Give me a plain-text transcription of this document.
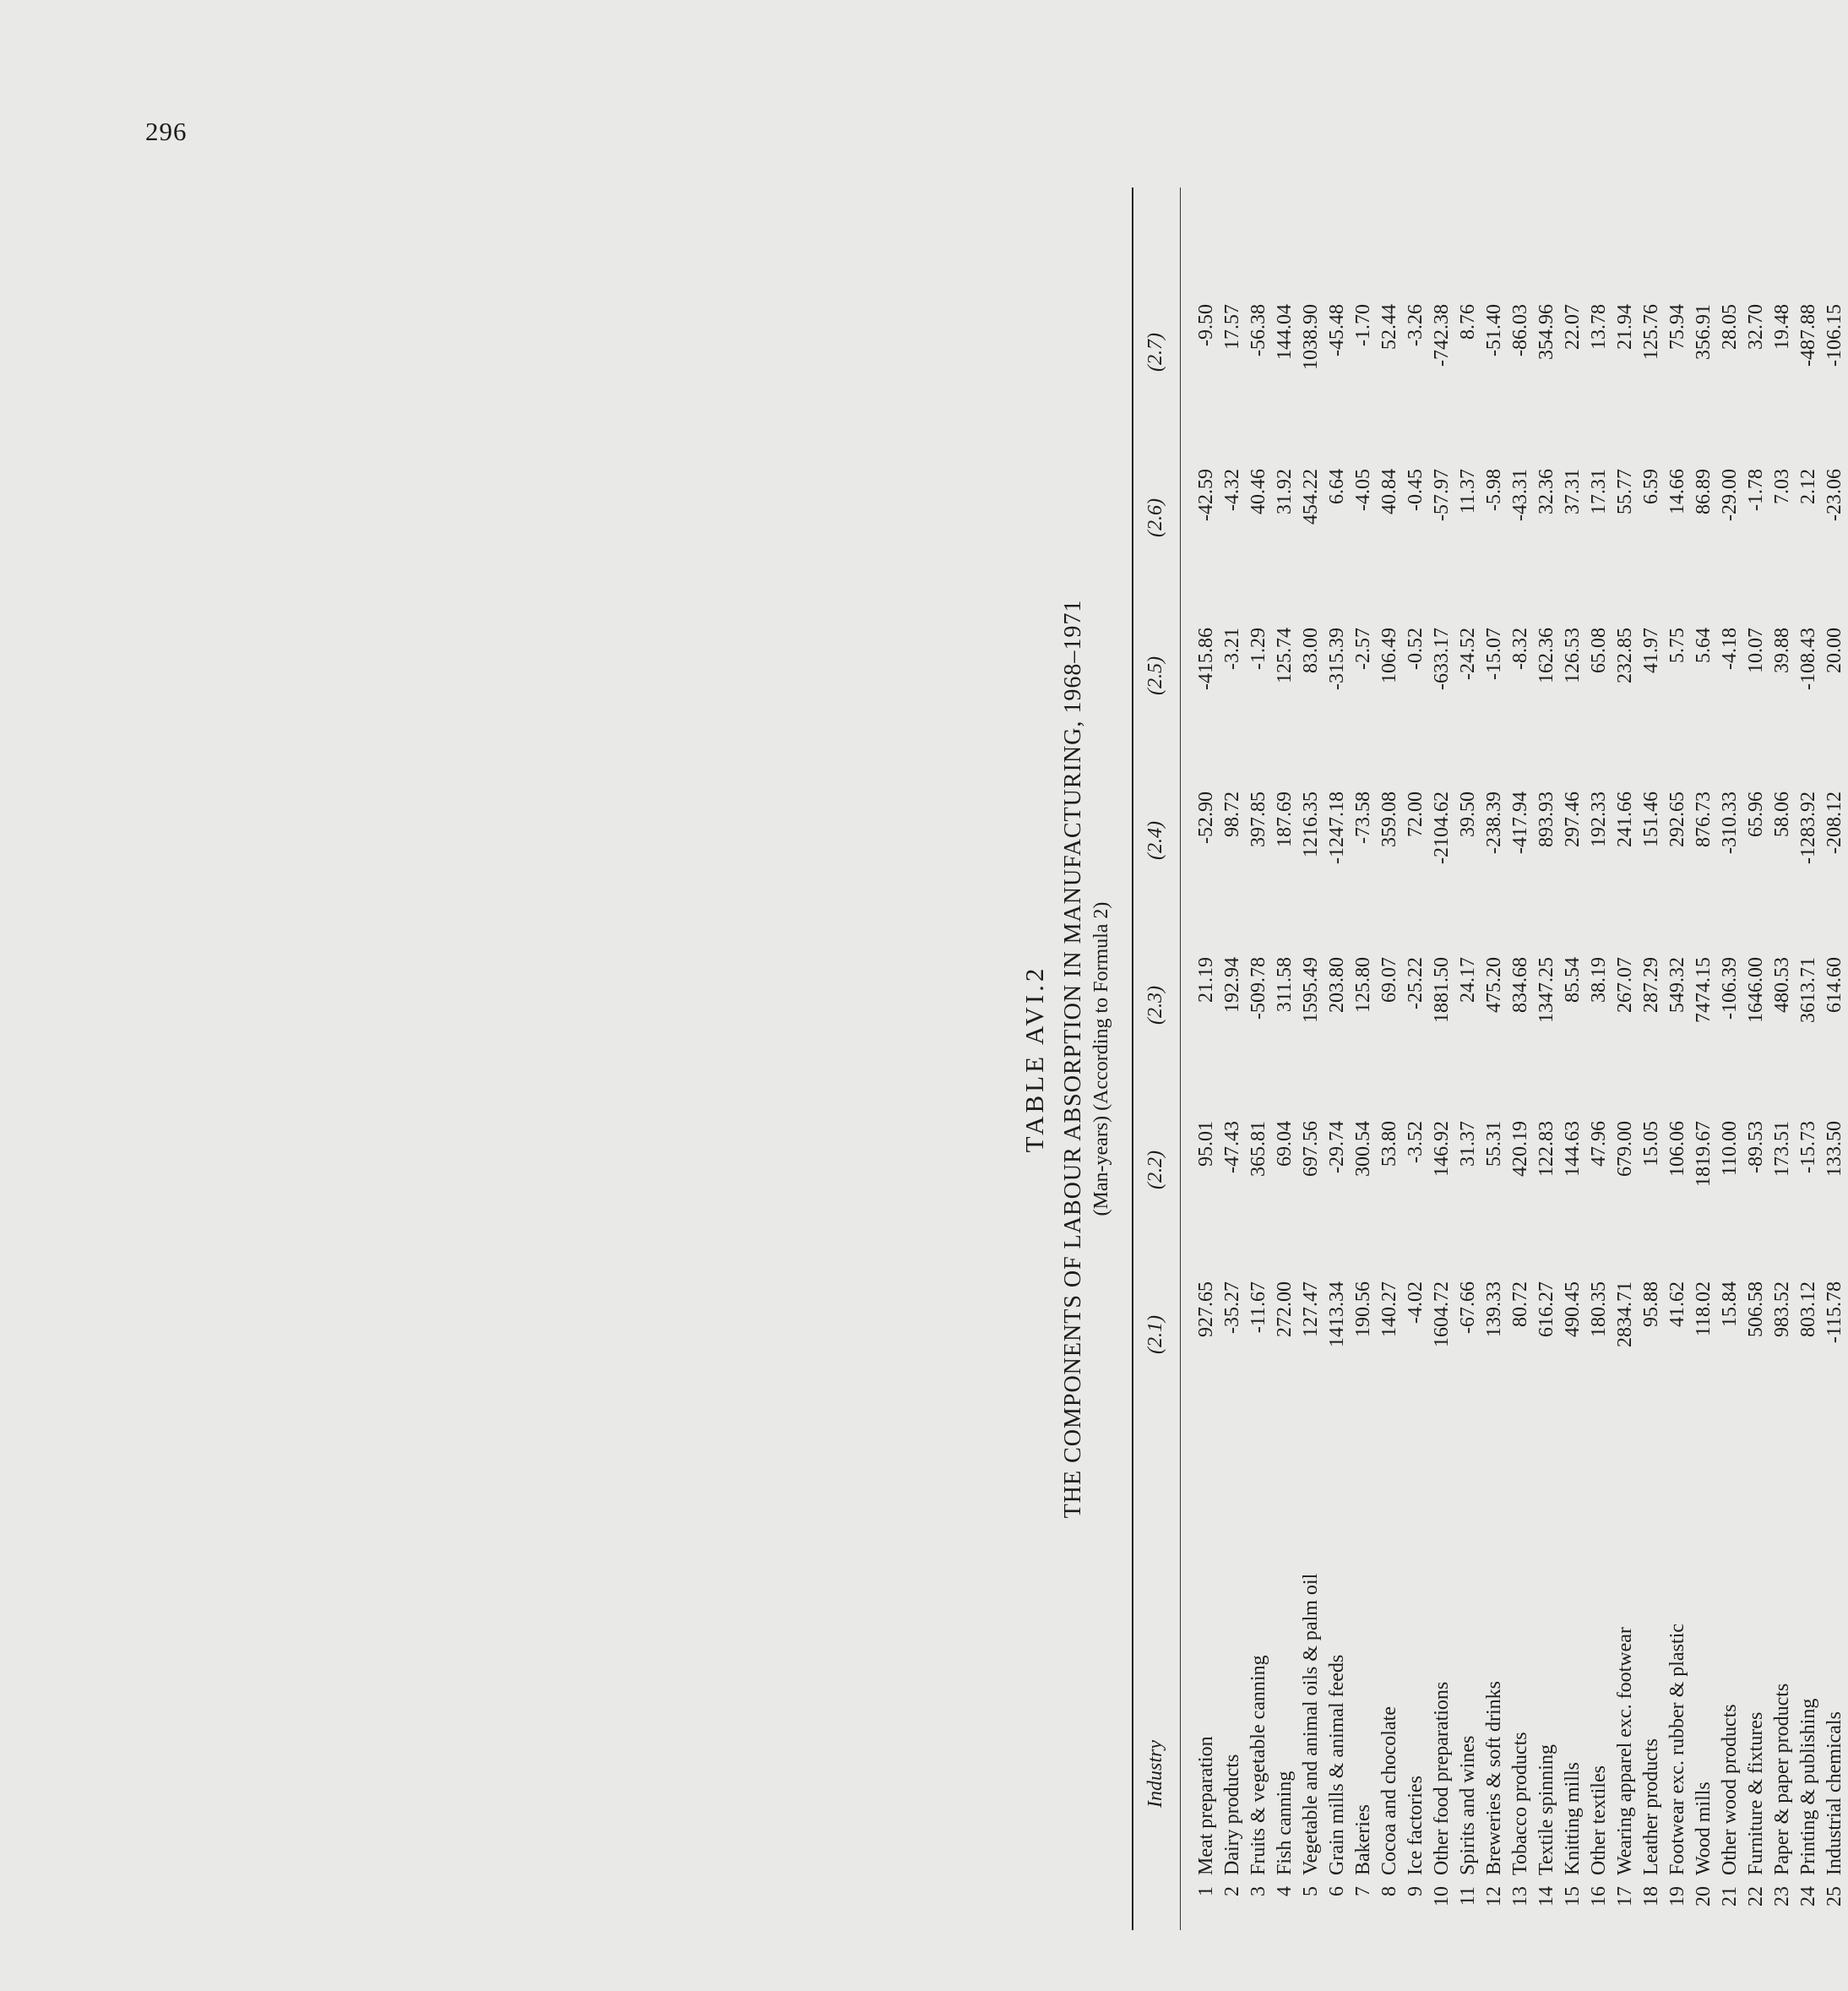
296
TABLE AVI.2 THE COMPONENTS OF LABOUR ABSORPTION IN MANUFACTURING, 1968–1971 (Man-years) (According to Formula 2)
Industry
(2.1)
(2.2)
(2.3)
(2.4)
(2.5)
(2.6)
(2.7)
1
Meat preparation
927.65
95.01
21.19
-52.90
-415.86
-42.59
-9.50
2
Dairy products
-35.27
-47.43
192.94
98.72
-3.21
-4.32
17.57
3
Fruits & vegetable canning
-11.67
365.81
-509.78
397.85
-1.29
40.46
-56.38
4
Fish canning
272.00
69.04
311.58
187.69
125.74
31.92
144.04
5
Vegetable and animal oils & palm oil
127.47
697.56
1595.49
1216.35
83.00
454.22
1038.90
6
Grain mills & animal feeds
1413.34
-29.74
203.80
-1247.18
-315.39
6.64
-45.48
7
Bakeries
190.56
300.54
125.80
-73.58
-2.57
-4.05
-1.70
8
Cocoa and chocolate
140.27
53.80
69.07
359.08
106.49
40.84
52.44
9
Ice factories
-4.02
-3.52
-25.22
72.00
-0.52
-0.45
-3.26
10
Other food preparations
1604.72
146.92
1881.50
-2104.62
-633.17
-57.97
-742.38
11
Spirits and wines
-67.66
31.37
24.17
39.50
-24.52
11.37
8.76
12
Breweries & soft drinks
139.33
55.31
475.20
-238.39
-15.07
-5.98
-51.40
13
Tobacco products
80.72
420.19
834.68
-417.94
-8.32
-43.31
-86.03
14
Textile spinning
616.27
122.83
1347.25
893.93
162.36
32.36
354.96
15
Knitting mills
490.45
144.63
85.54
297.46
126.53
37.31
22.07
16
Other textiles
180.35
47.96
38.19
192.33
65.08
17.31
13.78
17
Wearing apparel exc. footwear
2834.71
679.00
267.07
241.66
232.85
55.77
21.94
18
Leather products
95.88
15.05
287.29
151.46
41.97
6.59
125.76
19
Footwear exc. rubber & plastic
41.62
106.06
549.32
292.65
5.75
14.66
75.94
20
Wood mills
118.02
1819.67
7474.15
876.73
5.64
86.89
356.91
21
Other wood products
15.84
110.00
-106.39
-310.33
-4.18
-29.00
28.05
22
Furniture & fixtures
506.58
-89.53
1646.00
65.96
10.07
-1.78
32.70
23
Paper & paper products
983.52
173.51
480.53
58.06
39.88
7.03
19.48
24
Printing & publishing
803.12
-15.73
3613.71
-1283.92
-108.43
2.12
-487.88
25
Industrial chemicals
-115.78
133.50
614.60
-208.12
20.00
-23.06
-106.15
